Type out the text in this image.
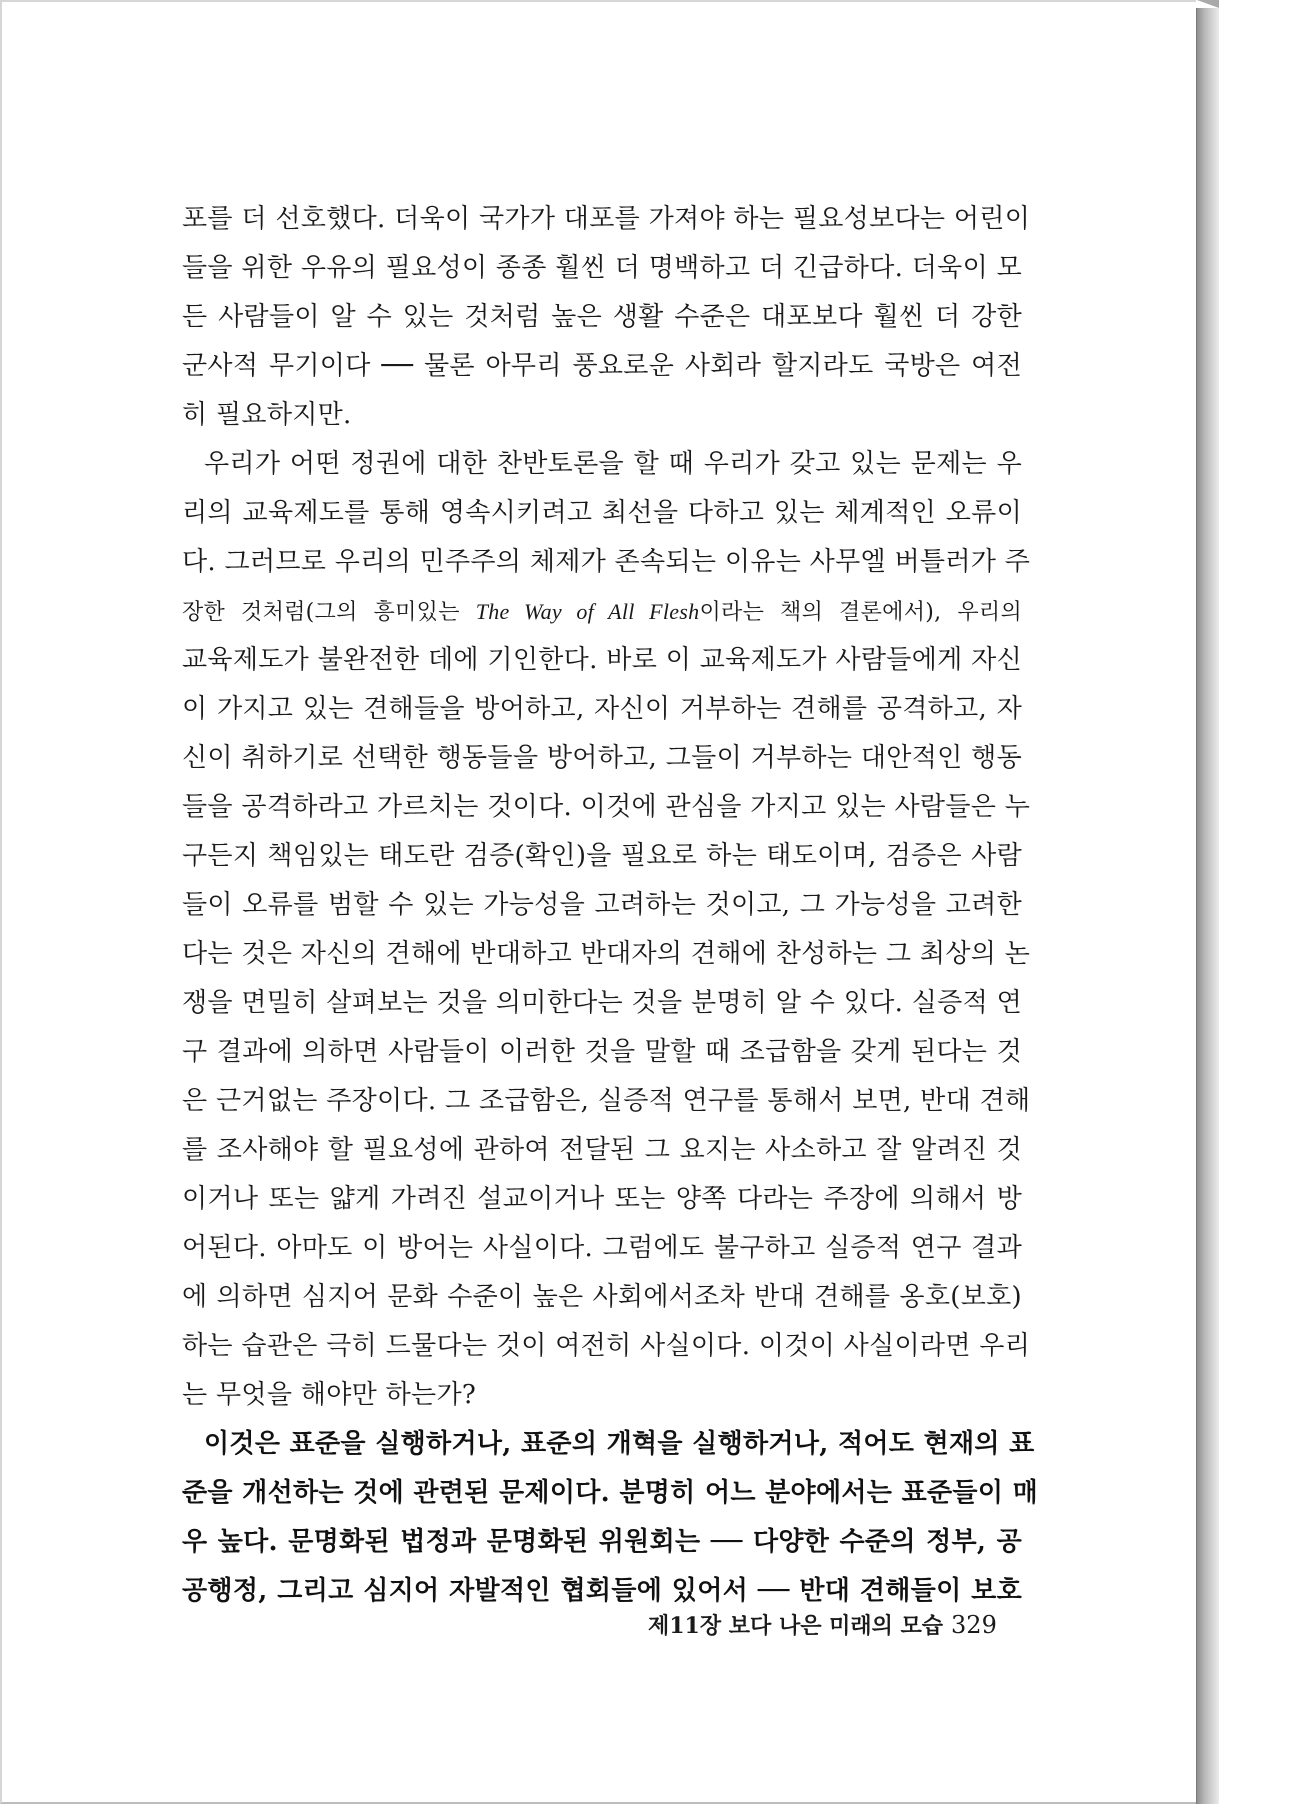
포를 더 선호했다. 더욱이 국가가 대포를 가져야 하는 필요성보다는 어린이
들을 위한 우유의 필요성이 종종 훨씬 더 명백하고 더 긴급하다. 더욱이 모
든 사람들이 알 수 있는 것처럼 높은 생활 수준은 대포보다 훨씬 더 강한
군사적 무기이다 ── 물론 아무리 풍요로운 사회라 할지라도 국방은 여전
히 필요하지만.
우리가 어떤 정권에 대한 찬반토론을 할 때 우리가 갖고 있는 문제는 우
리의 교육제도를 통해 영속시키려고 최선을 다하고 있는 체계적인 오류이
다. 그러므로 우리의 민주주의 체제가 존속되는 이유는 사무엘 버틀러가 주
장한 것처럼(그의 흥미있는 The Way of All Flesh이라는 책의 결론에서), 우리의
교육제도가 불완전한 데에 기인한다. 바로 이 교육제도가 사람들에게 자신
이 가지고 있는 견해들을 방어하고, 자신이 거부하는 견해를 공격하고, 자
신이 취하기로 선택한 행동들을 방어하고, 그들이 거부하는 대안적인 행동
들을 공격하라고 가르치는 것이다. 이것에 관심을 가지고 있는 사람들은 누
구든지 책임있는 태도란 검증(확인)을 필요로 하는 태도이며, 검증은 사람
들이 오류를 범할 수 있는 가능성을 고려하는 것이고, 그 가능성을 고려한
다는 것은 자신의 견해에 반대하고 반대자의 견해에 찬성하는 그 최상의 논
쟁을 면밀히 살펴보는 것을 의미한다는 것을 분명히 알 수 있다. 실증적 연
구 결과에 의하면 사람들이 이러한 것을 말할 때 조급함을 갖게 된다는 것
은 근거없는 주장이다. 그 조급함은, 실증적 연구를 통해서 보면, 반대 견해
를 조사해야 할 필요성에 관하여 전달된 그 요지는 사소하고 잘 알려진 것
이거나 또는 얇게 가려진 설교이거나 또는 양쪽 다라는 주장에 의해서 방
어된다. 아마도 이 방어는 사실이다. 그럼에도 불구하고 실증적 연구 결과
에 의하면 심지어 문화 수준이 높은 사회에서조차 반대 견해를 옹호(보호)
하는 습관은 극히 드물다는 것이 여전히 사실이다. 이것이 사실이라면 우리
는 무엇을 해야만 하는가?
이것은 표준을 실행하거나, 표준의 개혁을 실행하거나, 적어도 현재의 표
준을 개선하는 것에 관련된 문제이다. 분명히 어느 분야에서는 표준들이 매
우 높다. 문명화된 법정과 문명화된 위원회는 ── 다양한 수준의 정부, 공
공행정, 그리고 심지어 자발적인 협회들에 있어서 ── 반대 견해들이 보호
제11장 보다 나은 미래의 모습 329
